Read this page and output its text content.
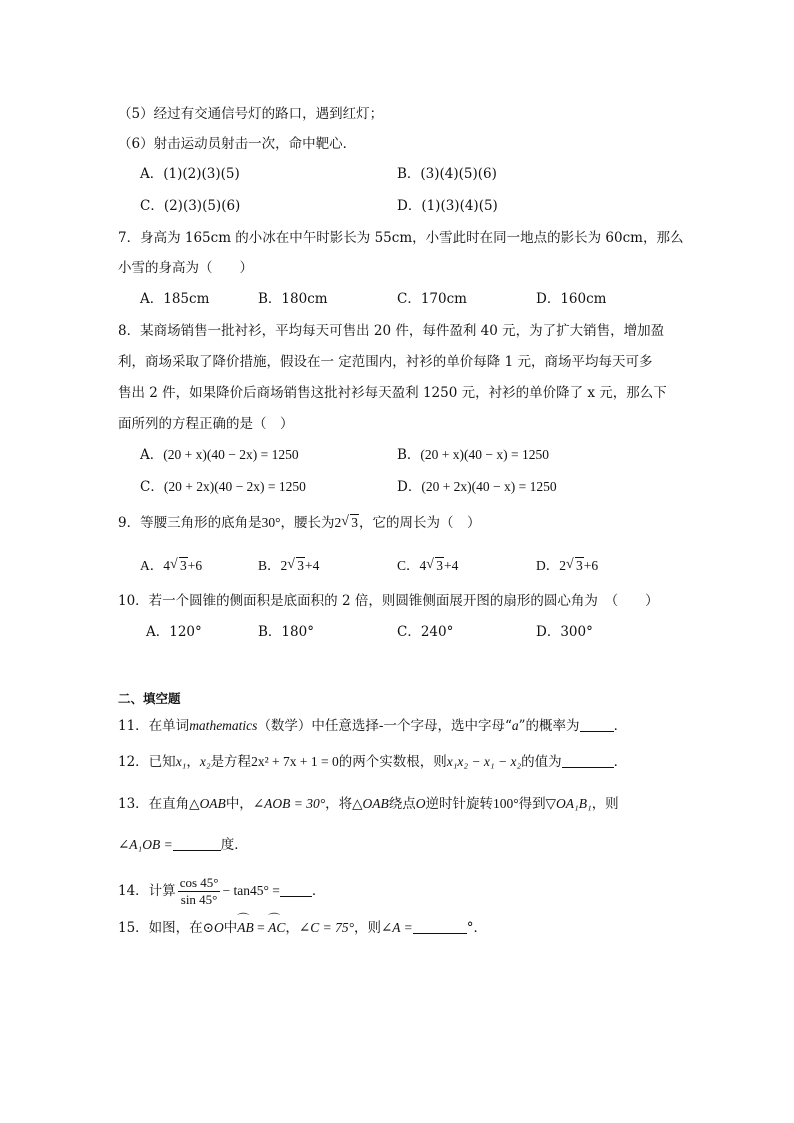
（5）经过有交通信号灯的路口，遇到红灯；
（6）射击运动员射击一次，命中靶心．
A．(1)(2)(3)(5)	B．(3)(4)(5)(6)
C．(2)(3)(5)(6)	D．(1)(3)(4)(5)
7．身高为 165cm 的小冰在中午时影长为 55cm，小雪此时在同一地点的影长为 60cm，那么
小雪的身高为（　　）
A．185cm	B．180cm	C．170cm	D．160cm
8．某商场销售一批衬衫，平均每天可售出 20 件，每件盈利 40 元，为了扩大销售，增加盈
利，商场采取了降价措施，假设在一 定范围内，衬衫的单价每降 1 元，商场平均每天可多
售出 2 件，如果降价后商场销售这批衬衫每天盈利 1250 元，衬衫的单价降了 x 元，那么下
面所列的方程正确的是（　）
A．(20 + x)(40 − 2x) = 1250	B．(20 + x)(40 − x) = 1250
C．(20 + 2x)(40 − 2x) = 1250	D．(20 + 2x)(40 − x) = 1250
9．等腰三角形的底角是30°，腰长为2 √ 3，它的周长为（　）
A．4 √ 3+6	B．2 √ 3+4	C．4 √ 3+4	D．2 √ 3+6
10．若一个圆锥的侧面积是底面积的 2 倍，则圆锥侧面展开图的扇形的圆心角为　（　　）
A．120°	B．180°	C．240°	D．300°
二、填空题
11．在单词mathematics（数学）中任意选择-一个字母，选中字母“a”的概率为	．
12．已知x₁，x₂是方程2x² + 7x + 1 = 0的两个实数根，则x₁x₂ − x₁ − x₂的值为	．
13．在直角△OAB中，∠AOB = 30°，将△OAB绕点O逆时针旋转100°得到▽OA₁B₁，则
∠A₁OB =	度．
14．计算 $\frac{\cos 45^\circ}{\sin 45^\circ} - \tan 45^\circ$ = ．
15．如图，在⊙O中⌒ AB = ⌒ AC，∠C = 75°，则∠A =	°．
